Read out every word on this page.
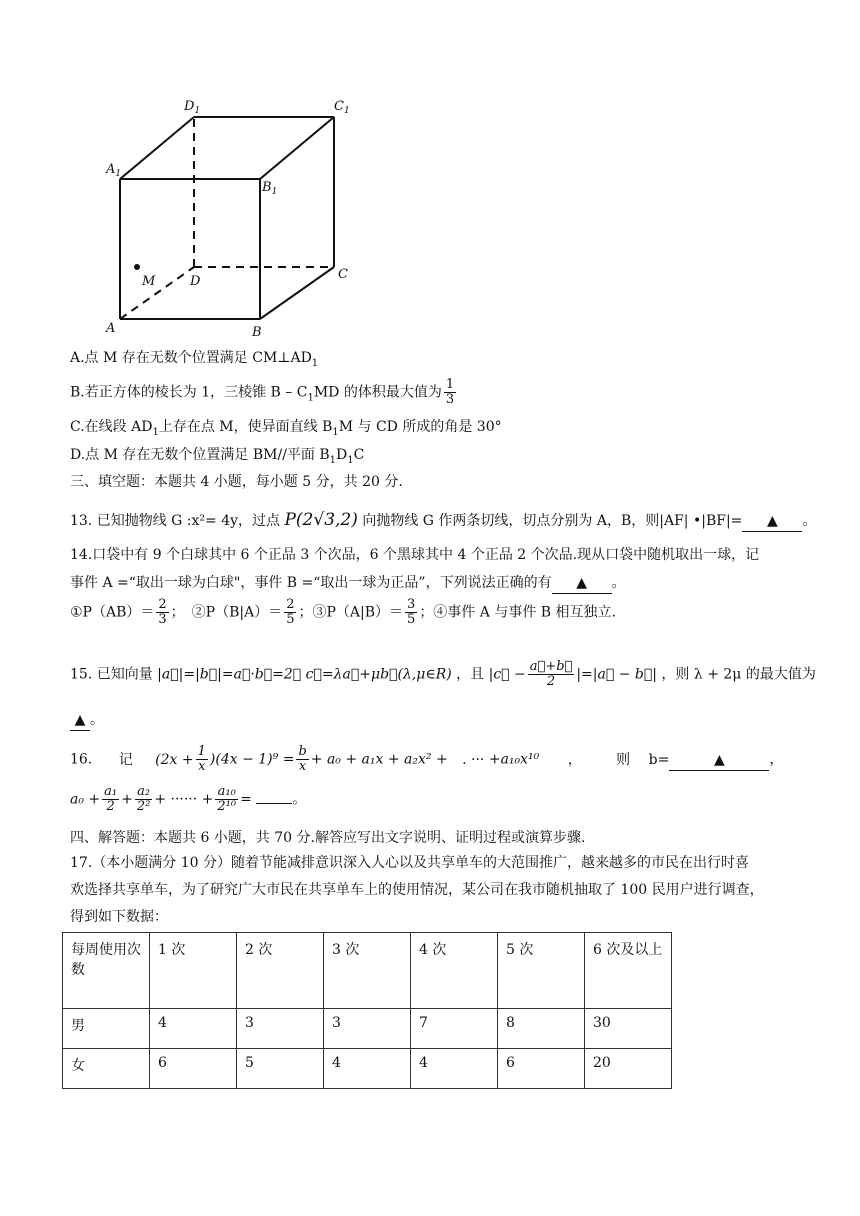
$D_1$	$C_1$
$A_1$
$B_1$
M	D	C
A	B
A.点 M 存在无数个位置满足 $CM\perp AD_1$
B.若正方体的棱长为 1，三棱锥 B – $C_1MD$ 的体积最大值为 $\frac{1}{3}$
C.在线段 $AD_1$上存在点 M，使异面直线 $B_1M$ 与 CD 所成的角是 30°
D.点 M 存在无数个位置满足 BM//平面 $B_1D_1C$
三、填空题：本题共 4 小题，每小题 5 分，共 20 分.
13. 已知抛物线 G :x²= 4y，过点 P(2√3,2) 向抛物线 G 作两条切线，切点分别为 A，B，则|AF| •|BF|= ▲ 。
14.口袋中有 9 个白球其中 6 个正品 3 个次品，6 个黑球其中 4 个正品 2 个次品.现从口袋中随机取出一球，记
事件 A =“取出一球为白球"，事件 B =“取出一球为正品”，下列说法正确的有 ▲ 。
①P（AB）＝ $\frac{2}{3}$ ；　②P（B|A）＝ $\frac{2}{5}$ ；③P（A|B）＝ $\frac{3}{5}$ ；④事件 A 与事件 B 相互独立.
15. 已知向量 |a⃗|=|b⃗|=a⃗·b⃗=2， c⃗=λa⃗+μb⃗(λ,μ∈R) ，且 |c⃗ − $\frac{a⃗+b⃗}{2}$ |=|a⃗ − b⃗| ，则 λ + 2μ 的最大值为
▲ 。
16. 记 $(2x + \frac{1}{x} )(4x - 1)^9 = \frac{b}{x} + a_0 + a_1x + a_2x^2$ + . ··· +a₁₀x¹⁰ ， 则 b=	▲	，
$a_0 + \frac{\text{a₁}}{2} + \frac{\text{a₂}}{\text{2²}}$ + ······ + $\frac{\text{a₁₀}}{\text{2¹⁰}}$ =	。
四、解答题：本题共 6 小题，共 70 分.解答应写出文字说明、证明过程或演算步骤.
17.（本小题满分 10 分）随着节能减排意识深入人心以及共享单车的大范围推广，越来越多的市民在出行时喜
欢选择共享单车，为了研究广大市民在共享单车上的使用情况，某公司在我市随机抽取了 100 民用户进行调查，
得到如下数据：
每周使用次数	1 次	2 次	3 次	4 次	5 次	6 次及以上
男	4	3	3	7	8	30
女	6	5	4	4	6	20
